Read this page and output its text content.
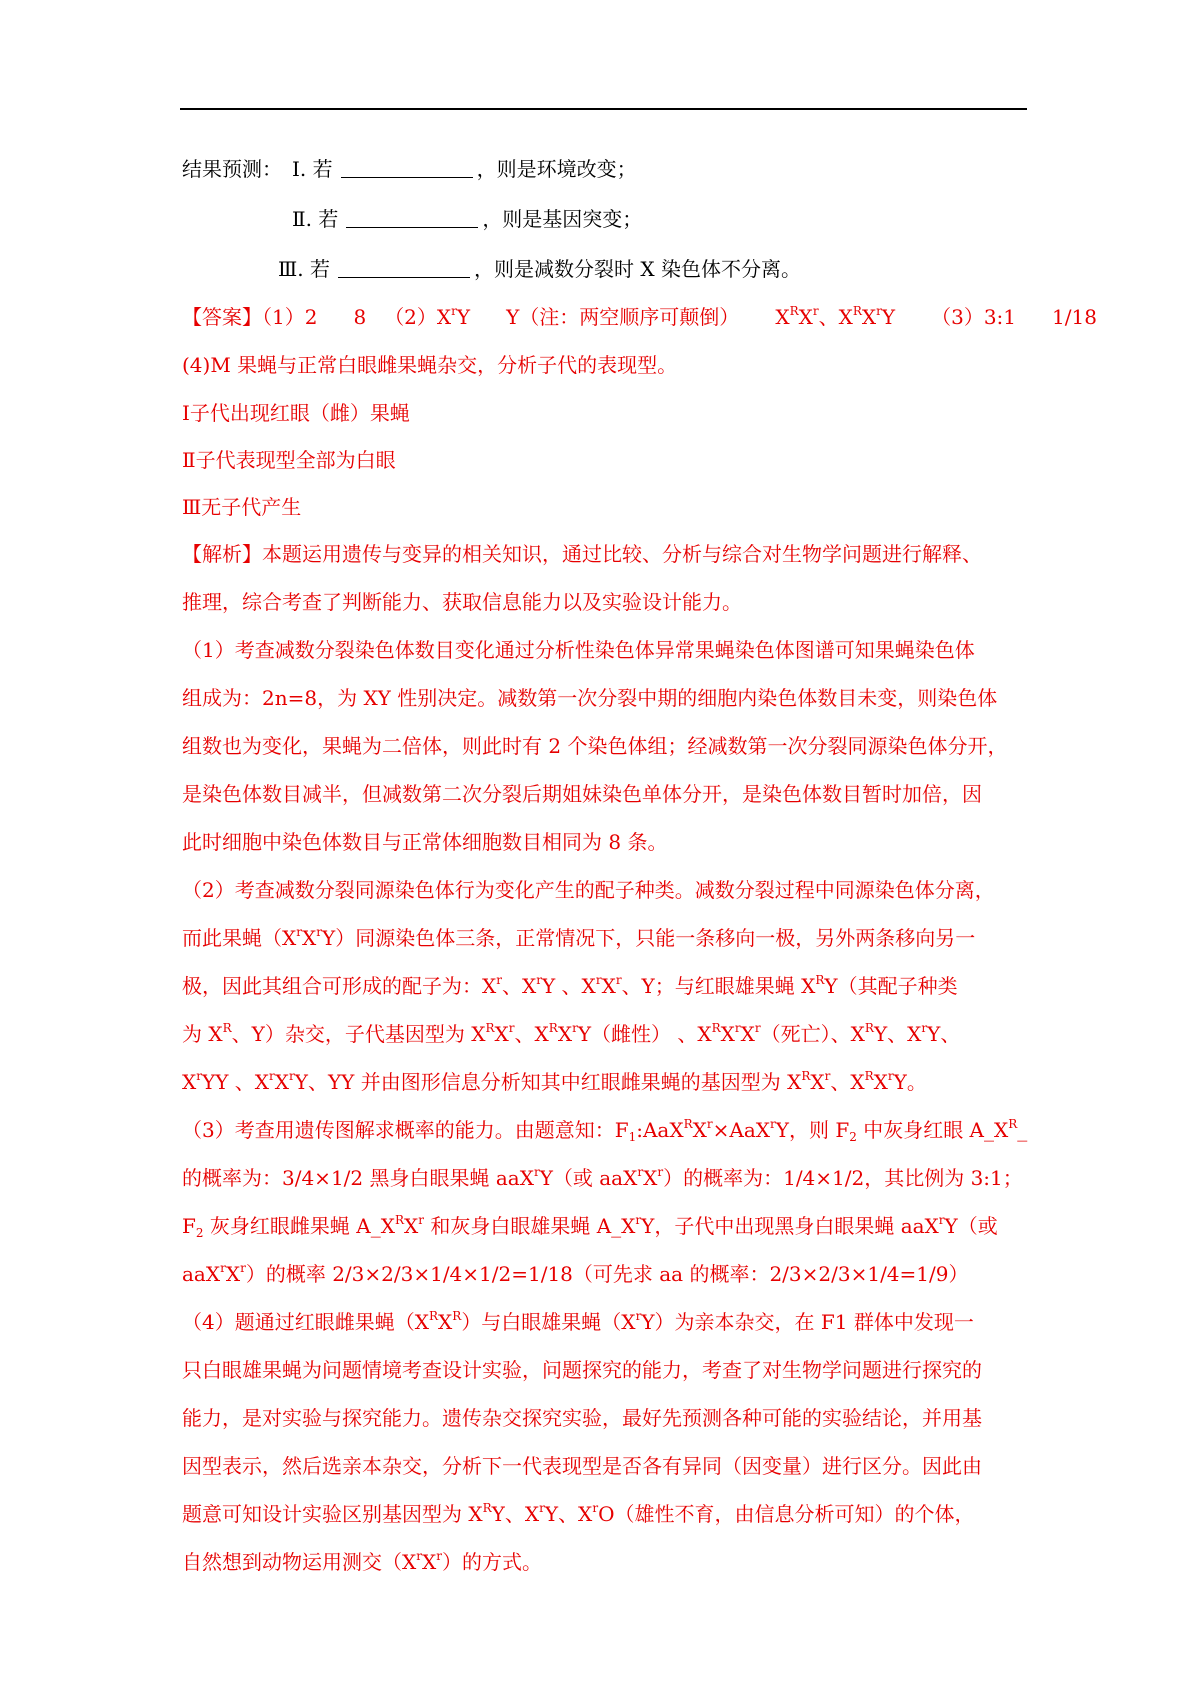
结果预测： Ⅰ. 若	，则是环境改变；
Ⅱ. 若	，则是基因突变；
Ⅲ. 若	，则是减数分裂时 X 染色体不分离。
【答案】（1）2 8 $(2)X^rY$ Y（注：两空顺序可颠倒） $X^RX^r$、$X^RX^rY$ （3）3:1 1/18
(4)M 果蝇与正常白眼雌果蝇杂交，分析子代的表现型。
Ⅰ子代出现红眼（雌）果蝇
Ⅱ子代表现型全部为白眼
Ⅲ无子代产生
【解析】本题运用遗传与变异的相关知识，通过比较、分析与综合对生物学问题进行解释、
推理，综合考查了判断能力、获取信息能力以及实验设计能力。
（1）考查减数分裂染色体数目变化通过分析性染色体异常果蝇染色体图谱可知果蝇染色体
组成为：2n=8，为 XY 性别决定。减数第一次分裂中期的细胞内染色体数目未变，则染色体
组数也为变化，果蝇为二倍体，则此时有 2 个染色体组；经减数第一次分裂同源染色体分开，
是染色体数目减半，但减数第二次分裂后期姐妹染色单体分开，是染色体数目暂时加倍，因
此时细胞中染色体数目与正常体细胞数目相同为 8 条。
（2）考查减数分裂同源染色体行为变化产生的配子种类。减数分裂过程中同源染色体分离，
而此果蝇$(X^rX^rY)$同源染色体三条，正常情况下，只能一条移向一极，另外两条移向另一
极，因此其组合可形成的配子为：$X^r$、$X^rY$ 、$X^rX^r$、Y；与红眼雄果蝇 $X^RY$（其配子种类
为 $X^R$、Y）杂交，子代基因型为 $X^RX^r$、$X^RX^rY$（雌性） 、$X^RX^rX^r$（死亡）、$X^RY$、$X^rY$、
$X^rYY$ 、$X^rX^rY$、YY 并由图形信息分析知其中红眼雌果蝇的基因型为 $X^RX^r$、$X^RX^rY$。
（3）考查用遗传图解求概率的能力。由题意知：$F_1:AaX^RX^r\times AaX^rY$，则 $F_2$ 中灰身红眼 $A\_X^R\_$
的概率为：3/4×1/2 黑身白眼果蝇 aaX$^r$Y（或 $aaX^rX^r$）的概率为：1/4×1/2，其比例为 3:1；
$F_2$ 灰身红眼雌果蝇 $A\_X^RX^r$ 和灰身白眼雄果蝇 $A\_X^rY$，子代中出现黑身白眼果蝇 aaX$^r$Y（或
$aaX^rX^r$）的概率 2/3×2/3×1/4×1/2=1/18（可先求 aa 的概率：2/3×2/3×1/4=1/9）
（4）题通过红眼雌果蝇$(X^RX^R)$与白眼雄果蝇$(X^rY)$为亲本杂交，在 F1 群体中发现一
只白眼雄果蝇为问题情境考查设计实验，问题探究的能力，考查了对生物学问题进行探究的
能力，是对实验与探究能力。遗传杂交探究实验，最好先预测各种可能的实验结论，并用基
因型表示，然后选亲本杂交，分析下一代表现型是否各有异同（因变量）进行区分。因此由
题意可知设计实验区别基因型为 $X^RY$、$X^rY$、$X^rO$（雄性不育，由信息分析可知）的个体，
自然想到动物运用测交$(X^rX^r)$的方式。
